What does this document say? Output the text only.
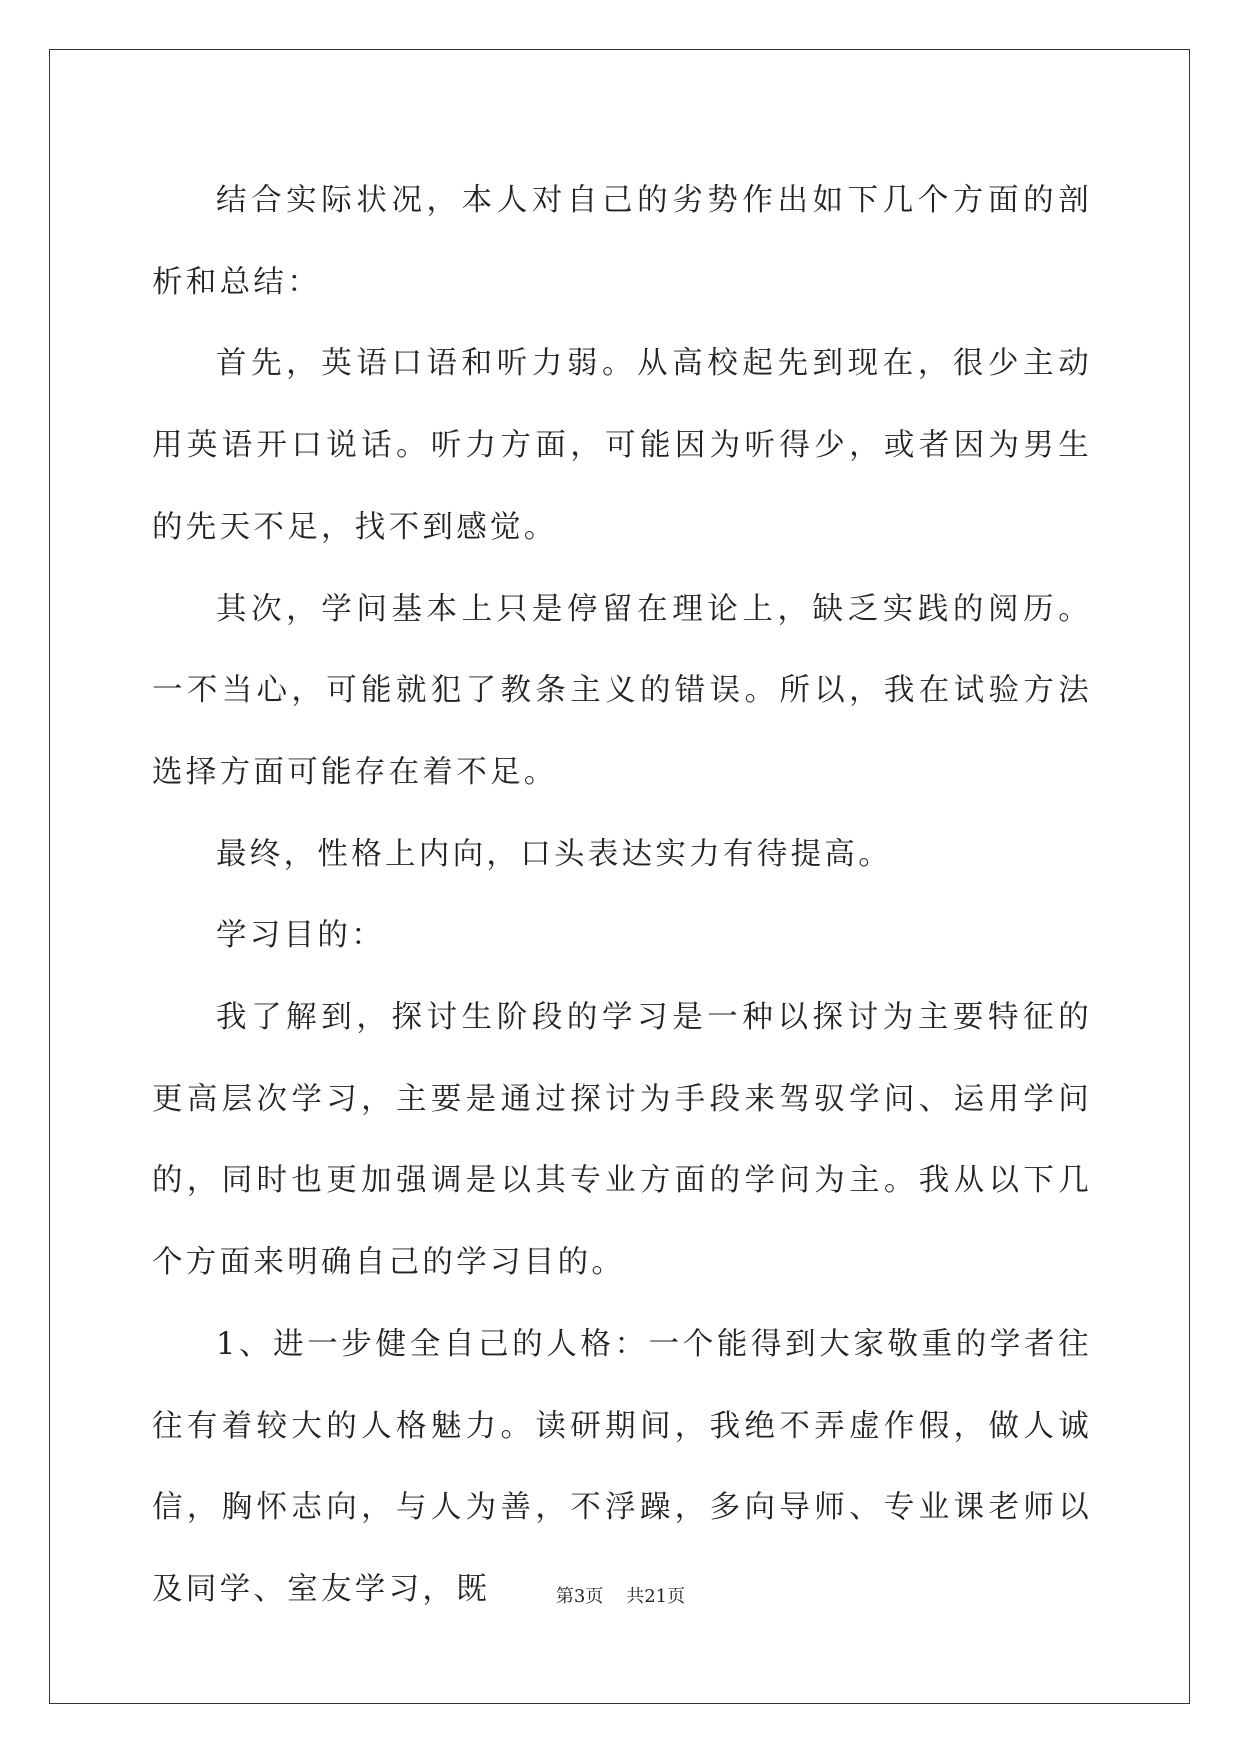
结合实际状况，本人对自己的劣势作出如下几个方面的剖析和总结：

首先，英语口语和听力弱。从高校起先到现在，很少主动用英语开口说话。听力方面，可能因为听得少，或者因为男生的先天不足，找不到感觉。

其次，学问基本上只是停留在理论上，缺乏实践的阅历。一不当心，可能就犯了教条主义的错误。所以，我在试验方法选择方面可能存在着不足。

最终，性格上内向，口头表达实力有待提高。

学习目的：

我了解到，探讨生阶段的学习是一种以探讨为主要特征的更高层次学习，主要是通过探讨为手段来驾驭学问、运用学问的，同时也更加强调是以其专业方面的学问为主。我从以下几个方面来明确自己的学习目的。

1、进一步健全自己的人格：一个能得到大家敬重的学者往往有着较大的人格魅力。读研期间，我绝不弄虚作假，做人诚信，胸怀志向，与人为善，不浮躁，多向导师、专业课老师以及同学、室友学习，既	第3页 共21页
